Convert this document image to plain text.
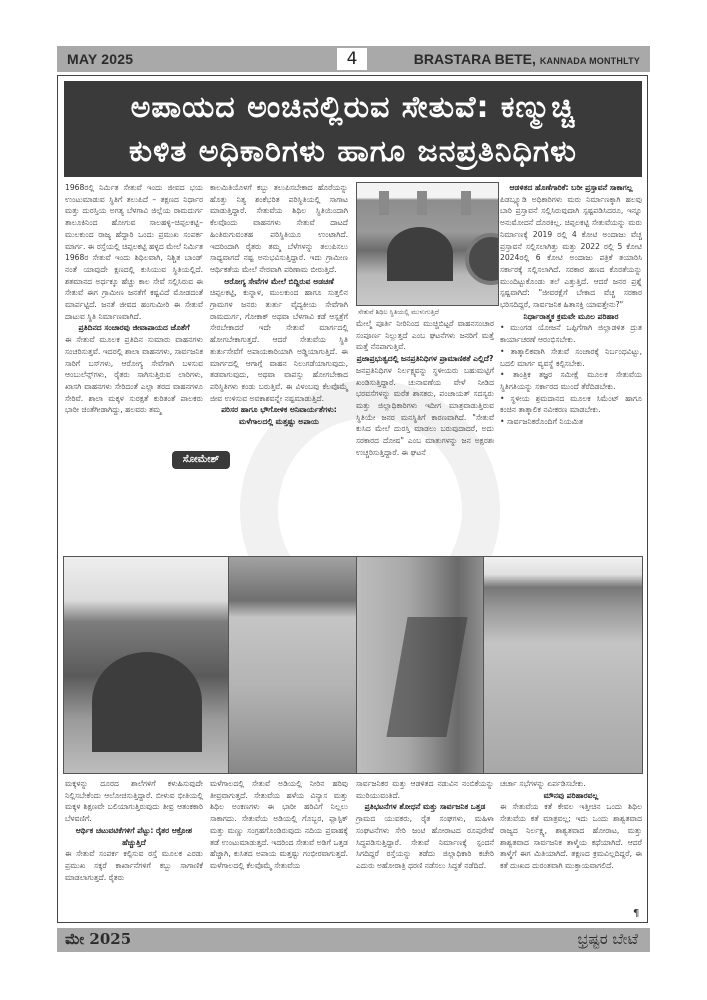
MAY 2025	4	BRASTARA BETE, KANNADA MONTHLTY
ಅಪಾಯದ ಅಂಚಿನಲ್ಲಿರುವ ಸೇತುವೆ: ಕಣ್ಮುಚ್ಚಿ
ಕುಳಿತ ಅಧಿಕಾರಿಗಳು ಹಾಗೂ ಜನಪ್ರತಿನಿಧಿಗಳು

1968ರಲ್ಲಿ ನಿರ್ಮಿತ ಸೇತುವೆ ಇಂದು ಜೀವದ ಭಯ ಉಂಟುಮಾಡುವ ಸ್ಥಿತಿಗೆ ತಲುಪಿದೆ – ತಕ್ಷಣದ ನಿರ್ಧಾರ ಮತ್ತು ದುರಸ್ತಿಯ ಅಗತ್ಯ ಬೆಳಗಾವಿ ಜಿಲ್ಲೆಯ ರಾಮದುರ್ಗ ತಾಲೂಕಿನಿಂದ ಹೋಗುವ ಸಾಲಹಳ್ಳಿ–ಚಿಪ್ಪಲಕಟ್ಟಿ–ಮುಲಕುಂದ ರಾಜ್ಯ ಹೆದ್ದಾರಿ ಒಂದು ಪ್ರಮುಖ ಸಂಪರ್ಕ ಮಾರ್ಗ. ಈ ರಸ್ತೆಯಲ್ಲಿ ಚಿಪ್ಪಲಕಟ್ಟಿ ಹಳ್ಳದ ಮೇಲೆ ನಿರ್ಮಿತ 1968ರ ಸೇತುವೆ ಇಂದು ಶಿಥಿಲವಾಗಿ, ನಿಶ್ಚಿತ ಬಾಂಡ್ ನಂತೆ ಯಾವುದೇ ಕ್ಷಣದಲ್ಲಿ ಕುಸಿಯುವ ಸ್ಥಿತಿಯಲ್ಲಿದೆ. ಶತಮಾನದ ಅರ್ಧಕ್ಕೂ ಹೆಚ್ಚು ಕಾಲ ಸೇವೆ ಸಲ್ಲಿಸಿರುವ ಈ ಸೇತುವೆ ಈಗ ಗ್ರಾಮೀಣ ಜನತೆಗೆ ಕಷ್ಟವಿದೆ ಮೋಡದಂತೆ ಮಾರ್ಪಟ್ಟಿದೆ. ಜನತೆ ಜೀವದ ಹಂಗುಮೀರಿ ಈ ಸೇತುವೆ ದಾಟುವ ಸ್ಥಿತಿ ನಿರ್ಮಾಣವಾಗಿದೆ.

ಪ್ರತಿದಿನದ ಸಂಚಾರವು ಜೀವಾಪಾಯದ ಜೊತೆಗೆ

ಈ ಸೇತುವೆ ಮೂಲಕ ಪ್ರತಿದಿನ ಸುಮಾರು ವಾಹನಗಳು ಸಂಚರಿಸುತ್ತವೆ. ಇದರಲ್ಲಿ ಶಾಲಾ ವಾಹನಗಳು, ಸಾರ್ವಜನಿಕ ಸಾರಿಗೆ ಬಸ್‌ಗಳು, ಆರೋಗ್ಯ ಸೇವೆಗಾಗಿ ಬಳಸುವ ಆಂಬುಲೆನ್ಸ್‌ಗಳು, ರೈತರು ಸಾಗಿಸುತ್ತಿರುವ ಲಾರಿಗಳು, ಖಾಸಗಿ ವಾಹನಗಳು ಸೇರಿದಂತೆ ಎಲ್ಲಾ ತರದ ವಾಹನಗಳೂ ಸೇರಿವೆ. ಶಾಲಾ ಮಕ್ಕಳ ಸುರಕ್ಷತೆ ಕುರಿತಂತೆ ಪಾಲಕರು ಭಾರೀ ಚಿಂತೆಗೀಡಾಗಿದ್ದು, ಹಲವರು ತಮ್ಮ

ಕಾಲಮಿತಿಯೊಳಗೆ ಕಬ್ಬು ತಲುಪಿಸಬೇಕಾದ ಹೊರೆಯನ್ನು ಹೊತ್ತು ನಿತ್ಯ ಶಂಕೆಭರಿತ ಪರಿಸ್ಥಿತಿಯಲ್ಲಿ ಸಾಗಾಟ ಮಾಡುತ್ತಿದ್ದಾರೆ. ಸೇತುವೆಯ ಶಿಥಿಲ ಸ್ಥಿತಿಯಿಂದಾಗಿ ಕೆಲವೊಂದು ವಾಹನಗಳು ಸೇತುವೆ ದಾಟದೆ ಹಿಂತಿರುಗುವಂತಹ ಪರಿಸ್ಥಿತಿಯೂ ಉಂಟಾಗಿದೆ. ಇದರಿಂದಾಗಿ ರೈತರು ತಮ್ಮ ಬೆಳೆಗಳನ್ನು ತಲುಪಿಸಲು ಸಾಧ್ಯವಾಗದೆ ನಷ್ಟ ಅನುಭವಿಸುತ್ತಿದ್ದಾರೆ. ಇದು ಗ್ರಾಮೀಣ ಆರ್ಥಿಕತೆಯ ಮೇಲೆ ನೇರವಾಗಿ ಪರಿಣಾಮ ಬೀರುತ್ತಿದೆ.

ಆರೋಗ್ಯ ಸೇವೆಗಳ ಮೇಲೆ ಬಿದ್ದಿರುವ ಅಡಚಣೆ

ಚಿಪ್ಪಲಕಟ್ಟಿ, ಕುನ್ನಾಳ, ಮುಲಕುಂದ ಹಾಗೂ ಸುತ್ತಲಿನ ಗ್ರಾಮಗಳ ಜನರು ತುರ್ತು ವೈದ್ಯಕೀಯ ಸೇವೆಗಾಗಿ ರಾಮದುರ್ಗ, ಗೋಕಾಕ್ ಅಥವಾ ಬೆಳಗಾವಿ ಕಡೆ ಆಸ್ಪತ್ರೆಗೆ ಸೇರಬೇಕಾದರೆ ಇದೇ ಸೇತುವೆ ಮಾರ್ಗದಲ್ಲಿ ಹೋಗಬೇಕಾಗುತ್ತದೆ. ಆದರೆ ಸೇತುವೆಯ ಸ್ಥಿತಿ ತುರ್ತುಸೇವೆಗೆ ಅಪಾಯಕಾರಿಯಾಗಿ ಅಡ್ಡಿಯಾಗುತ್ತಿದೆ. ಈ ಮಾರ್ಗದಲ್ಲಿ ಆಗಾಗ್ಗೆ ವಾಹನ ನಿಲುಗಡೆಯಾಗುವುದು, ತಡವಾಗುವುದು, ಅಥವಾ ವಾಪಸ್ಸು ಹೋಗಬೇಕಾದ ಪರಿಸ್ಥಿತಿಗಳು ಕಂಡು ಬರುತ್ತಿವೆ. ಈ ವಿಳಂಬವು ಕೆಲವೊಮ್ಮೆ ಜೀವ ಉಳಿಸುವ ಅವಕಾಶವನ್ನೇ ನಷ್ಟಮಾಡುತ್ತಿದೆ.

ಪರಿಸರ ಹಾಗೂ ಭೌಗೋಳಿಕ ಅನಿವಾರ್ಯತೆಗಳು: ಮಳೆಗಾಲದಲ್ಲಿ ಮತ್ತಷ್ಟು ಅಪಾಯ

ಸೇತುವೆ ಶಿಥಿಲ ಸ್ಥಿತಿಯಲ್ಲಿ ಮುಳುಗುತ್ತಿದೆ

ಮೇಲ್ಮೆ ಪೂರ್ತಿ ನೀರಿನಿಂದ ಮುಚ್ಚಿಬಿಟ್ಟರೆ ವಾಹನಸಂಚಾರ ಸಂಪೂರ್ಣ ನಿಲ್ಲುತ್ತದೆ ಎಂಬ ಘಟನೆಗಳು ಜನರಿಗೆ ಮತ್ತೆ ಮತ್ತೆ ನೆನಪಾಗುತ್ತಿವೆ.

ಪ್ರಜಾಪ್ರಭುತ್ವದಲ್ಲಿ ಜನಪ್ರತಿನಿಧಿಗಳ ಪ್ರಾಮಾಣಿಕತೆ ಎಲ್ಲಿದೆ?

ಜನಪ್ರತಿನಿಧಿಗಳ ನಿರ್ಲಕ್ಷ್ಯವನ್ನು ಸ್ಥಳೀಯರು ಬಹುಮಟ್ಟಿಗೆ ಖಂಡಿಸುತ್ತಿದ್ದಾರೆ. ಚುನಾವಣೆಯ ವೇಳೆ ನೀಡಿದ ಭರವಸೆಗಳನ್ನು ಮರೆತ ಶಾಸಕರು, ಪಂಚಾಯತ್ ಸದಸ್ಯರು ಮತ್ತು ಜಿಲ್ಲಾಧಿಕಾರಿಗಳು ಇದೀಗ ಮಾತ್ರವಾಡುತ್ತಿರುವ ಸ್ಥಿತಿಯೇ ಜನರ ಮನಸ್ಥಿತಿಗೆ ಕಾರಣವಾಗಿದೆ. "ಸೇತುವೆ ಕುಸಿದ ಮೇಲೆ ದುರಸ್ತಿ ಮಾಡಲು ಬರುವುದಾದರೆ, ಅದು ಸರಕಾರದ ದೋಷ" ಎಂಬ ಮಾತುಗಳನ್ನು ಜನ ಅಕ್ಷರಶಃ ಉಚ್ಚರಿಸುತ್ತಿದ್ದಾರೆ. ಈ ಘಟನೆ

ಆಡಳಿತದ ಹೊಣೆಗಾರಿಕೆ: ಬರೀ ಪ್ರಸ್ತಾವನೆ ಸಾಕಾಗಲ್ಲ

ಪಿಡಬ್ಲ್ಯೂಡಿ ಅಧಿಕಾರಿಗಳು ಮರು ನಿರ್ಮಾಣಕ್ಕಾಗಿ ಹಲವು ಬಾರಿ ಪ್ರಸ್ತಾವನೆ ಸಲ್ಲಿಸಿರುವುದಾಗಿ ಸ್ಪಷ್ಟಪಡಿಸಿದರೂ, ಇನ್ನೂ ಅನುಮೋದನೆ ದೊರಕಿಲ್ಲ. ಚಿಪ್ಪಲಕಟ್ಟಿ ಸೇತುವೆಯನ್ನು ಮರು ನಿರ್ಮಾಣಕ್ಕೆ 2019 ರಲ್ಲಿ 4 ಕೋಟಿ ಅಂದಾಜು ವೆಚ್ಚ ಪ್ರಸ್ತಾವನೆ ಸಲ್ಲಿಸಲಾಗಿತ್ತು ಮತ್ತು 2022 ರಲ್ಲಿ 5 ಕೋಟಿ 2024ರಲ್ಲಿ 6 ಕೋಟಿ ಅಂದಾಜು ಪತ್ರಿಕೆ ತಯಾರಿಸಿ ಸರ್ಕಾರಕ್ಕೆ ಸಲ್ಲಿಸಲಾಗಿದೆ. ಸರಕಾರ ಹಣದ ಕೊರತೆಯನ್ನು ಮುಂದಿಟ್ಟುಕೊಂಡು ತಲೆ ಎತ್ತುತ್ತಿದೆ. ಆದರೆ ಜನರ ಪ್ರಶ್ನೆ ಸ್ಪಷ್ಟವಾಗಿದೆ: "ಜೀವರಕ್ಷೆಗೆ ಬೇಕಾದ ವೆಚ್ಚ ಸರಕಾರ ಭರಿಸದಿದ್ದರೆ, ಸಾರ್ವಜನಿಕ ಹಿತಾಸಕ್ತಿ ಯಾವತ್ತೇನು?"

ನಿರ್ಧಾರಾತ್ಮಕ ಕ್ರಮವೇ ಮೂಲ ಪರಿಹಾರ

• ಮುಂಗಡ ಯೋಜನೆ ಒಪ್ಪಿಗೆಗಾಗಿ ಜಿಲ್ಲಾಡಳಿತ ದ್ರುತ ಕಾರ್ಯಾಚರಣೆ ಆರಂಭಿಸಬೇಕು.

• ತಾತ್ಕಾಲಿಕವಾಗಿ ಸೇತುವೆ ಸಂಚಾರಕ್ಕೆ ನಿರ್ಬಂಧವಿಟ್ಟು, ಬದಲಿ ಮಾರ್ಗ ವ್ಯವಸ್ಥೆ ಕಲ್ಪಿಸಬೇಕು.

• ತಾಂತ್ರಿಕ ತಜ್ಞರ ಸಮೀಕ್ಷೆ ಮೂಲಕ ಸೇತುವೆಯ ಸ್ಥಿತಿಗತಿಯನ್ನು ಸರ್ಕಾರದ ಮುಂದೆ ತೆರೆದಿಡಬೇಕು.

• ಸ್ಥಳೀಯ ಶ್ರಮದಾನದ ಮೂಲಕ ಸಿಮೆಂಟ್ ಹಾಗೂ ಕಂಚಿನ ತಾತ್ಕಾಲಿಕ ನವೀಕರಣ ಮಾಡಬೇಕು.

• ಸಾರ್ವಜನಿಕರೊಂದಿಗೆ ನಿಯಮಿತ

ಸೋಮೇಶ್

ಮಕ್ಕಳನ್ನು ದೂರದ ಶಾಲೆಗಳಿಗೆ ಕಳುಹಿಸುವುದೇ ನಿಲ್ಲಿಸಬೇಕೆಂದು ಆಲೋಚಿಸುತ್ತಿದ್ದಾರೆ. ಬೀಳುವ ಭೀತಿಯಲ್ಲಿ ಮಕ್ಕಳ ಶಿಕ್ಷಣವೇ ಬಲಿಯಾಗುತ್ತಿರುವುದು ತೀವ್ರ ಆತಂಕಕಾರಿ ಬೆಳವಣಿಗೆ.

ಆರ್ಥಿಕ ಚಟುವಟಿಕೆಗಳಿಗೆ ಪೆಟ್ಟು: ರೈತರ ಆಕ್ರೋಶ ಹೆಚ್ಚುತ್ತಿದೆ

ಈ ಸೇತುವೆ ಸಂಪರ್ಕ ಕಲ್ಪಿಸುವ ರಸ್ತೆ ಮೂಲಕ ಎರಡು ಪ್ರಮುಖ ಸಕ್ಕರೆ ಕಾರ್ಖಾನೆಗಳಿಗೆ ಕಬ್ಬು ಸಾಗಾಣಿಕೆ ಮಾಡಲಾಗುತ್ತದೆ. ರೈತರು

ಮಳೆಗಾಲದಲ್ಲಿ ಸೇತುವೆ ಅಡಿಯಲ್ಲಿ ನೀರಿನ ಹರಿವು ತೀವ್ರವಾಗುತ್ತದೆ. ಸೇತುವೆಯ ಹಳೆಯ ವಿನ್ಯಾಸ ಮತ್ತು ಶಿಥಿಲ ಅಂಕಣಗಳು ಈ ಭಾರೀ ಹರಿವಿಗೆ ನಿಲ್ಲಲು ಸಾಕಾಗದು. ಸೇತುವೆಯ ಅಡಿಯಲ್ಲಿ ಗೊಬ್ಬರ, ಪ್ಲಾಸ್ಟಿಕ್ ಮತ್ತು ಮಣ್ಣು ಸಂಗ್ರಹಗೊಂಡಿರುವುದು ನದಿಯ ಪ್ರವಾಹಕ್ಕೆ ತಡೆ ಉಂಟುಮಾಡುತ್ತದೆ. ಇದರಿಂದ ಸೇತುವೆ ಅಡಿಗೆ ಒತ್ತಡ ಹೆಚ್ಚಾಗಿ, ಕುಸಿತದ ಅಪಾಯ ಮತ್ತಷ್ಟು ಗಂಭೀರವಾಗುತ್ತದೆ. ಮಳೆಗಾಲದಲ್ಲಿ ಕೆಲವೊಮ್ಮೆ ಸೇತುವೆಯ

ಸಾರ್ವಜನಿಕರ ಮತ್ತು ಆಡಳಿತದ ನಡುವಿನ ನಂಬಿಕೆಯನ್ನು ಮುರಿಯುವಂತಿದೆ.

ಪ್ರತಿಭಟನೆಗಳ ಶೋಧನೆ ಮತ್ತು ಸಾರ್ವಜನಿಕ ಒತ್ತಡ

ಗ್ರಾಮದ ಯುವಕರು, ರೈತ ಸಂಘಗಳು, ಮಹಿಳಾ ಸಂಘಟನೆಗಳು ಸೇರಿ ಜಂಟಿ ಹೋರಾಟದ ರೂಪುರೇಷೆ ಸಿದ್ಧಪಡಿಸುತ್ತಿದ್ದಾರೆ. ಸೇತುವೆ ನಿರ್ಮಾಣಕ್ಕೆ ಸ್ಪಂದನೆ ಸಿಗದಿದ್ದರೆ ರಸ್ತೆಯನ್ನು ತಡೆದು ಜಿಲ್ಲಾಧಿಕಾರಿ ಕಚೇರಿ ಎದುರು ಅಹೋರಾತ್ರಿ ಧರಣಿ ನಡೆಸಲು ಸಿದ್ಧತೆ ನಡೆದಿದೆ.

ಚರ್ಚಾ ಸಭೆಗಳನ್ನು ಏರ್ಪಡಿಸಬೇಕು.

ಮೌನವು ಪರಿಹಾರವಲ್ಲ

ಈ ಸೇತುವೆಯ ಕತೆ ಕೇವಲ ಇತ್ತೀಚಿನ ಒಂದು ಶಿಥಿಲ ಸೇತುವೆಯ ಕತೆ ಮಾತ್ರವಲ್ಲ; ಇದು ಒಂದು ಶಾಶ್ವತವಾದ ರಾಜ್ಯದ ನಿರ್ಲಕ್ಷ್ಯ, ಶಾಶ್ವತವಾದ ಹೋರಾಟ, ಮತ್ತು ಶಾಶ್ವತವಾದ ಸಾರ್ವಜನಿಕ ತಾಳ್ಮೆಯ ಕಥೆಯಾಗಿದೆ. ಆದರೆ ತಾಳ್ಮೆಗೆ ಈಗ ಮಿತಿಯಾಗಿದೆ. ತಕ್ಷಣದ ಕ್ರಮವಿಲ್ಲದಿದ್ದರೆ, ಈ ಕತೆ ದುಃಖದ ದುರಂತವಾಗಿ ಮುಕ್ತಾಯವಾಗಲಿದೆ.

¶
ಮೇ 2025	ಭ್ರಷ್ಟರ ಬೇಟೆ
